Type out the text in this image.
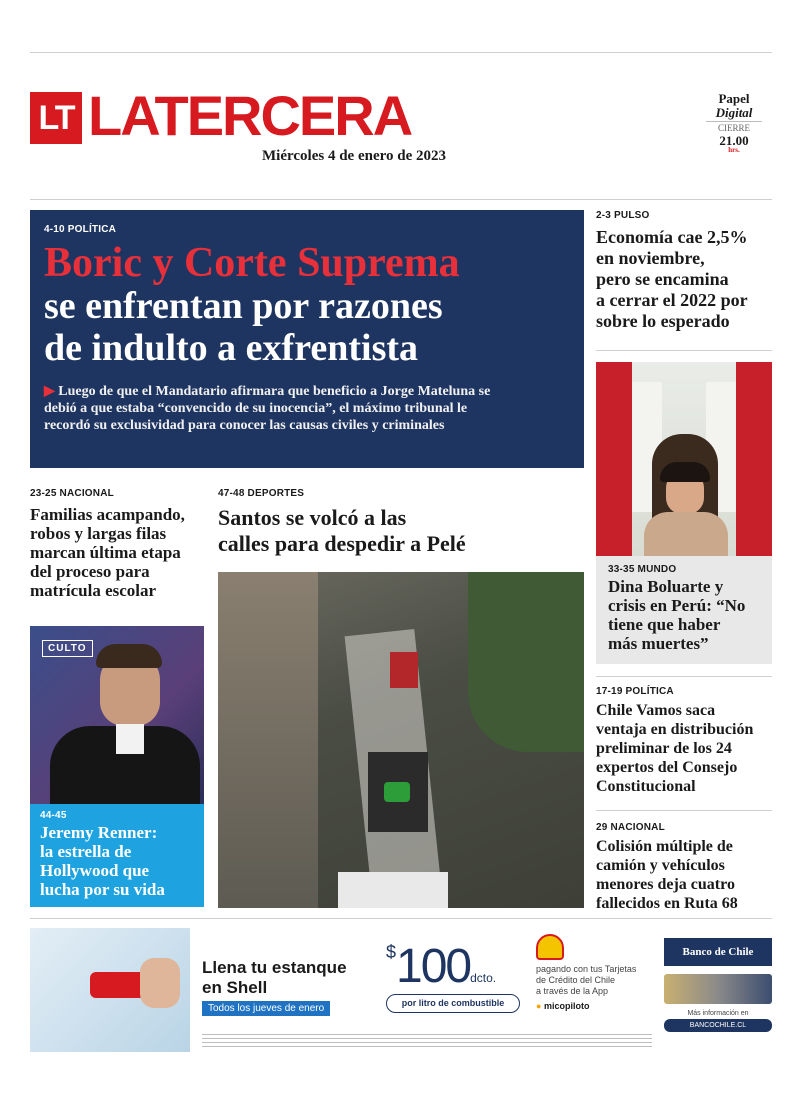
LT LATERCERA
Miércoles 4 de enero de 2023
Papel
Digital
CIERRE
21.00
hrs.
4-10 POLÍTICA
Boric y Corte Suprema
se enfrentan por razones
de indulto a exfrentista
▶ Luego de que el Mandatario afirmara que beneficio a Jorge Mateluna se
debió a que estaba “convencido de su inocencia”, el máximo tribunal le
recordó su exclusividad para conocer las causas civiles y criminales
2-3 PULSO
Economía cae 2,5%
en noviembre,
pero se encamina
a cerrar el 2022 por
sobre lo esperado
33-35 MUNDO
Dina Boluarte y
crisis en Perú: “No
tiene que haber
más muertes”
17-19 POLÍTICA
Chile Vamos saca
ventaja en distribución
preliminar de los 24
expertos del Consejo
Constitucional
29 NACIONAL
Colisión múltiple de
camión y vehículos
menores deja cuatro
fallecidos en Ruta 68
23-25 NACIONAL
Familias acampando,
robos y largas filas
marcan última etapa
del proceso para
matrícula escolar
CULTO
44-45
Jeremy Renner:
la estrella de
Hollywood que
lucha por su vida
47-48 DEPORTES
Santos se volcó a las
calles para despedir a Pelé
Llena tu estanque
en Shell
Todos los jueves de enero
$100dcto.
por litro de combustible
pagando con tus Tarjetas
de Crédito del Chile
a través de la App
● micopiloto
Banco de Chile
Más información en
BANCOCHILE.CL
